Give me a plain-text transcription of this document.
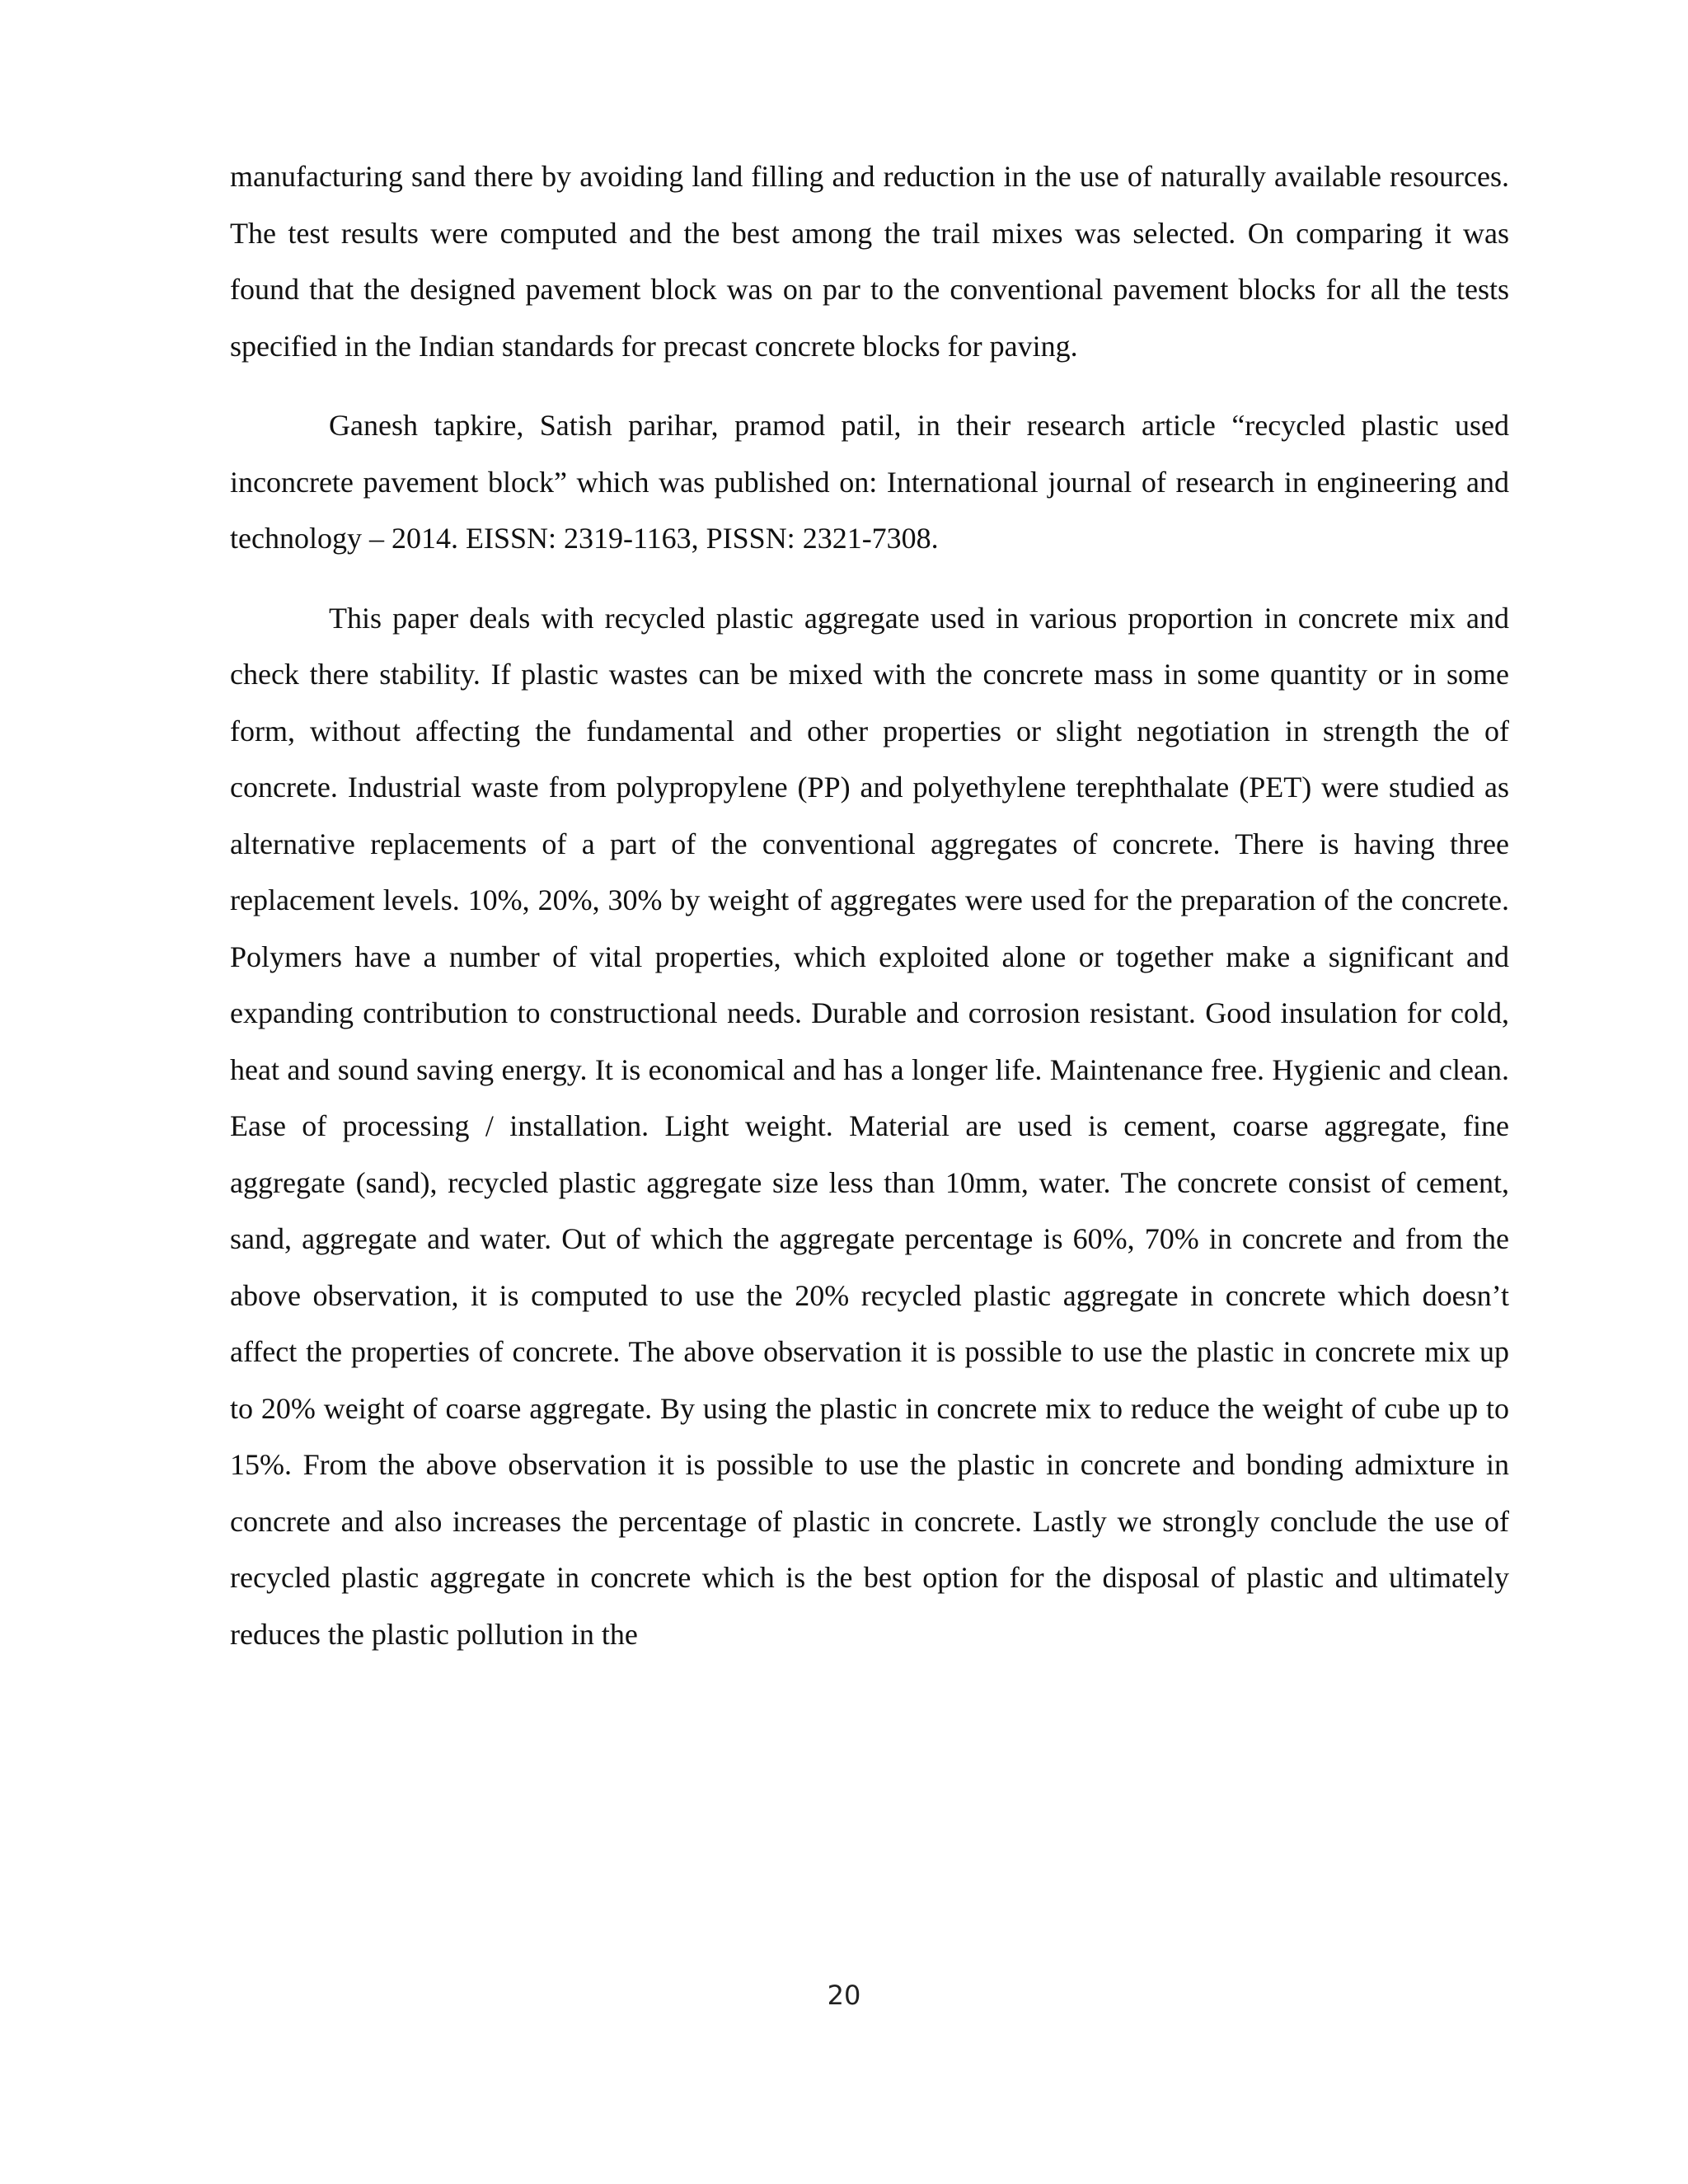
manufacturing sand there by avoiding land filling and reduction in the use of naturally available resources. The test results were computed and the best among the trail mixes was selected. On comparing it was found that the designed pavement block was on par to the conventional pavement blocks for all the tests specified in the Indian standards for precast concrete blocks for paving.

Ganesh tapkire, Satish parihar, pramod patil, in their research article “recycled plastic used inconcrete pavement block” which was published on: International journal of research in engineering and technology – 2014. EISSN: 2319-1163, PISSN: 2321-7308.

This paper deals with recycled plastic aggregate used in various proportion in concrete mix and check there stability. If plastic wastes can be mixed with the concrete mass in some quantity or in some form, without affecting the fundamental and other properties or slight negotiation in strength the of concrete. Industrial waste from polypropylene (PP) and polyethylene terephthalate (PET) were studied as alternative replacements of a part of the conventional aggregates of concrete. There is having three replacement levels. 10%, 20%, 30% by weight of aggregates were used for the preparation of the concrete. Polymers have a number of vital properties, which exploited alone or together make a significant and expanding contribution to constructional needs. Durable and corrosion resistant. Good insulation for cold, heat and sound saving energy. It is economical and has a longer life. Maintenance free. Hygienic and clean. Ease of processing / installation. Light weight. Material are used is cement, coarse aggregate, fine aggregate (sand), recycled plastic aggregate size less than 10mm, water. The concrete consist of cement, sand, aggregate and water. Out of which the aggregate percentage is 60%, 70% in concrete and from the above observation, it is computed to use the 20% recycled plastic aggregate in concrete which doesn’t affect the properties of concrete. The above observation it is possible to use the plastic in concrete mix up to 20% weight of coarse aggregate. By using the plastic in concrete mix to reduce the weight of cube up to 15%. From the above observation it is possible to use the plastic in concrete and bonding admixture in concrete and also increases the percentage of plastic in concrete. Lastly we strongly conclude the use of recycled plastic aggregate in concrete which is the best option for the disposal of plastic and ultimately reduces the plastic pollution in the

20
